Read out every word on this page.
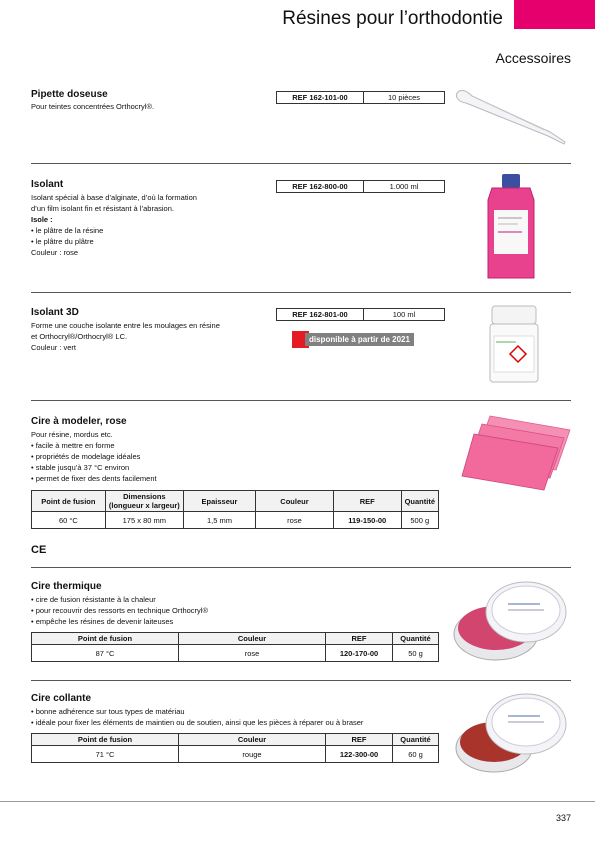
Résines pour l’orthodontie
Accessoires
Pipette doseuse
Pour teintes concentrées Orthocryl®.
REF 162-101-00	10 pièces
Isolant
Isolant spécial à base d’alginate, d’où la formation
d’un film isolant fin et résistant à l’abrasion.
Isole :
• le plâtre de la résine
• le plâtre du plâtre
Couleur : rose
REF 162-800-00	1.000 ml
Isolant 3D
Forme une couche isolante entre les moulages en résine
et Orthocryl®/Orthocryl® LC.
Couleur : vert
REF 162-801-00	100 ml
disponible à partir de 2021
Cire à modeler, rose
Pour résine, mordus etc.
• facile à mettre en forme
• propriétés de modelage idéales
• stable jusqu’à 37 °C environ
• permet de fixer des dents facilement
Point de fusion	Dimensions (longueur x largeur)	Epaisseur	Couleur	REF	Quantité
60 °C	175 x 80 mm	1,5 mm	rose	119-150-00	500 g
CE
Cire thermique
• cire de fusion résistante à la chaleur
• pour recouvrir des ressorts en technique Orthocryl®
• empêche les résines de devenir laiteuses
Point de fusion	Couleur	REF	Quantité
87 °C	rose	120-170-00	50 g
Cire collante
• bonne adhérence sur tous types de matériau
• idéale pour fixer les éléments de maintien ou de soutien, ainsi que les pièces à réparer ou à braser
Point de fusion	Couleur	REF	Quantité
71 °C	rouge	122-300-00	60 g
337
